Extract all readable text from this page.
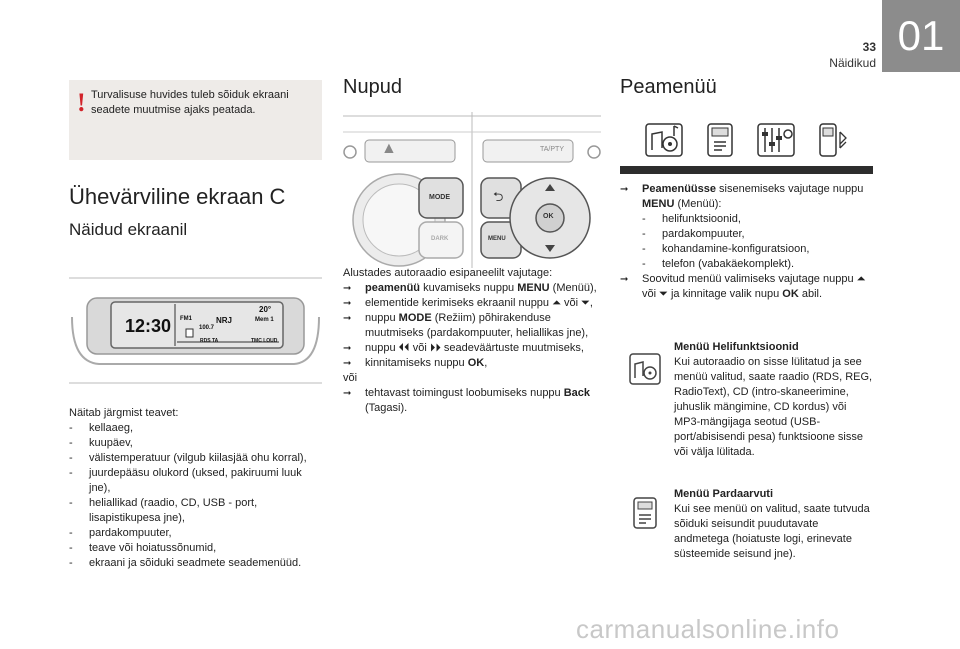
01
33
Näidikud
! Turvalisuse huvides tuleb sõiduk ekraani seadete muutmise ajaks peatada.
Ühevärviline ekraan C
Näidud ekraanil
12:30
20°
FM1	NRJ	Mem 1
100.7
RDS TA	TMC LOUD
Näitab järgmist teavet:
- kellaaeg,
- kuupäev,
- välistemperatuur (vilgub kiilasjää ohu korral),
- juurdepääsu olukord (uksed, pakiruumi luuk jne),
- heliallikad (raadio, CD, USB - port, lisapistikupesa jne),
- pardakompuuter,
- teave või hoiatussõnumid,
- ekraani ja sõiduki seadmete seademenüüd.
Nupud
▲	TA/PTY
MODE
DARK
⮌
MENU
OK
Alustades autoraadio esipaneelilt vajutage:
➞ peamenüü kuvamiseks nuppu MENU (Menüü),
➞ elementide kerimiseks ekraanil nuppu ⏶ või ⏷,
➞ nuppu MODE (Režiim) põhirakenduse muutmiseks (pardakompuuter, heliallikas jne),
➞ nuppu ⏴⏴ või ⏵⏵ seadeväärtuste muutmiseks,
➞ kinnitamiseks nuppu OK,
või
➞ tehtavast toimingust loobumiseks nuppu Back (Tagasi).
Peamenüü
➞ Peamenüüsse sisenemiseks vajutage nuppu MENU (Menüü):
- helifunktsioonid,
- pardakompuuter,
- kohandamine-konfiguratsioon,
- telefon (vabakäekomplekt).
➞ Soovitud menüü valimiseks vajutage nuppu ⏶ või ⏷ ja kinnitage valik nupu OK abil.
Menüü Helifunktsioonid
Kui autoraadio on sisse lülitatud ja see menüü valitud, saate raadio (RDS, REG, RadioText), CD (intro-skaneerimine, juhuslik mängimine, CD kordus) või MP3-mängijaga seotud (USB-port/abisisendi pesa) funktsioone sisse või välja lülitada.
Menüü Pardaarvuti
Kui see menüü on valitud, saate tutvuda sõiduki seisundit puudutavate andmetega (hoiatuste logi, erinevate süsteemide seisund jne).
carmanualsonline.info
